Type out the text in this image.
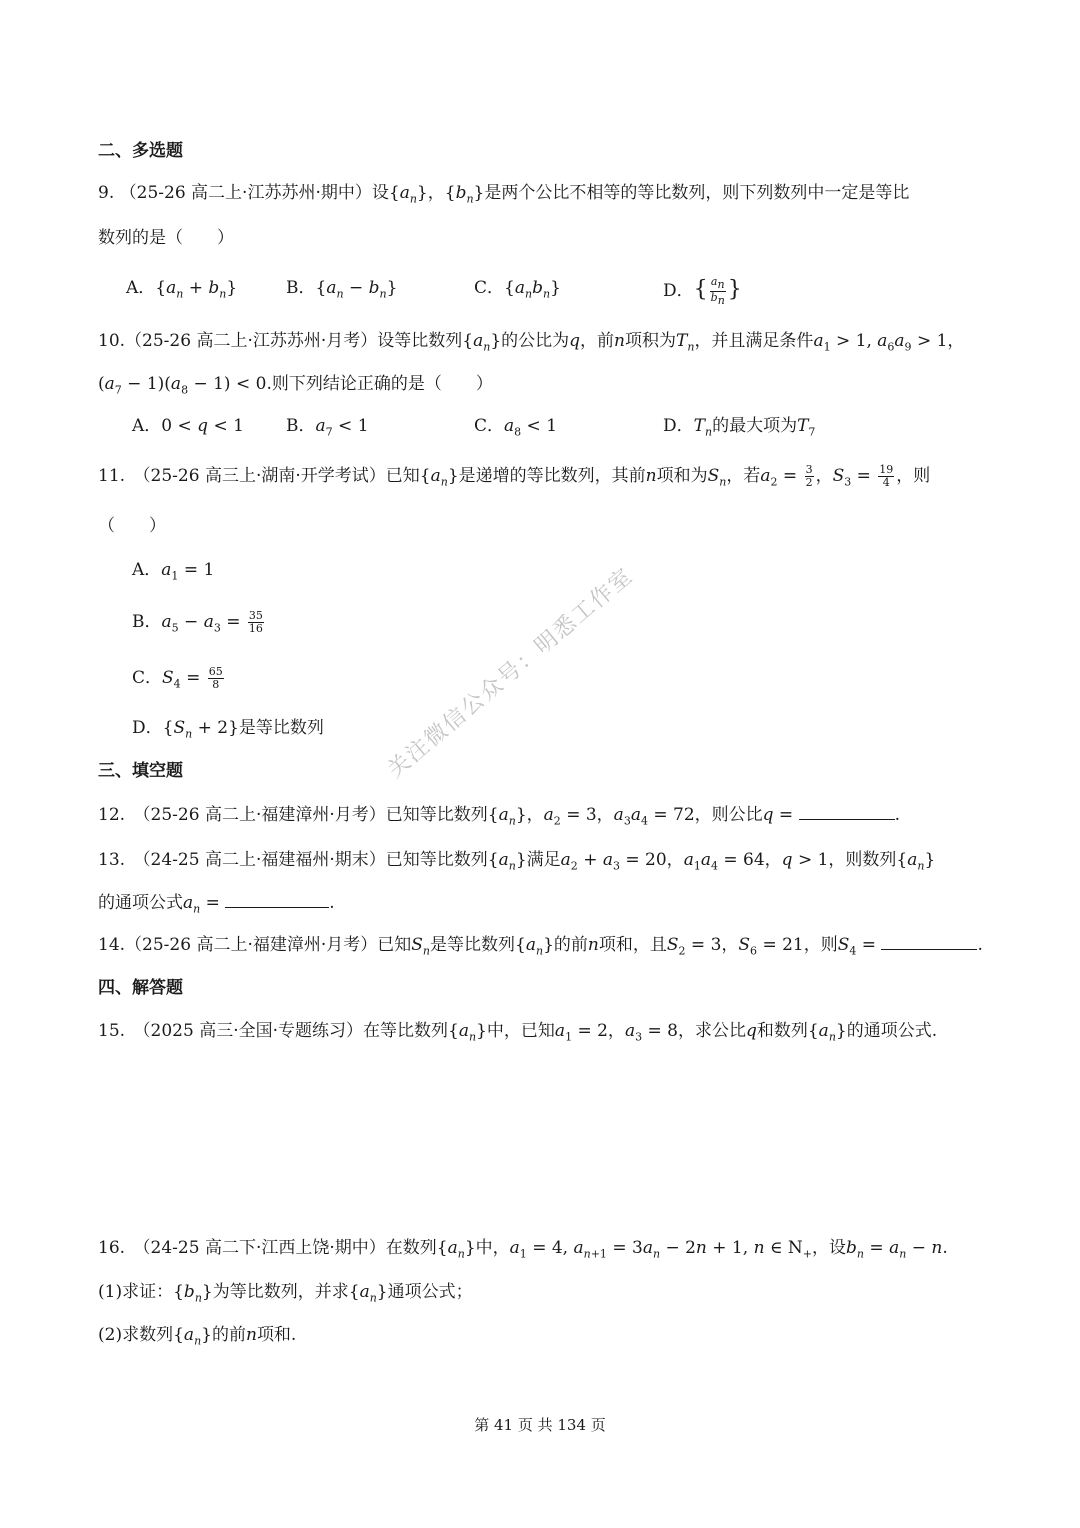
二、多选题
9. （25-26 高二上·江苏苏州·期中）设$\{a_n\}$，$\{b_n\}$是两个公比不相等的等比数列，则下列数列中一定是等比
数列的是（　　）
A．$\{a_n + b_n\}$	B．$\{a_n - b_n\}$	C．$\{a_nb_n\}$	D．{ $\frac{a_n}{b_n}$ }
10.（25-26 高二上·江苏苏州·月考）设等比数列$\{a_n\}$的公比为q，前n项积为$T_n$，并且满足条件$a_1 > 1$, $a_6a_9 > 1$，
$(a_7 - 1)(a_8 - 1) < 0$.则下列结论正确的是（　　）
A．0 < q < 1 B．$a_7 < 1$	C．$a_8 < 1$	D．$T_n$的最大项为$T_7$
11.　 （25-26 高三上·湖南·开学考试）已知$\{a_n\}$是递增的等比数列，其前n项和为$S_n$，若$a_2 = \frac{3}{2}$ ，$S_3 = \frac{19}{4}$ ，则
（　　）
A．$a_1 = 1$
B．$a_5 - a_3 = \frac{35}{16}$
C．$S_4 = \frac{65}{8}$
D．$\{S_n + 2\}$是等比数列
三、填空题
12.　 （25-26 高二上·福建漳州·月考）已知等比数列$\{a_n\}$，$a_2 = 3$，$a_3a_4 = 72$，则公比q =	.
13.　 （24-25 高二上·福建福州·期末）已知等比数列$\{a_n\}$满足$a_2 + a_3 = 20$，$a_1a_4 = 64$，q > 1，则数列$\{a_n\}$
的通项公式$a_n$ =	.
14.（25-26 高二上·福建漳州·月考）已知$S_n$是等比数列$\{a_n\}$的前n项和，且$S_2 = 3$，$S_6 = 21$，则$S_4$ =	.
四、解答题
15.　 （2025 高三·全国·专题练习）在等比数列$\{a_n\}$中，已知$a_1 = 2$，$a_3 = 8$，求公比q和数列$\{a_n\}$的通项公式.
16.　 （24-25 高二下·江西上饶·期中）在数列$\{a_n\}$中，$a_1 = 4$, $a_{n+1} = 3a_n - 2n + 1$, n ∈ $N_+$，设$b_n = a_n - n$.
(1)求证：$\{b_n\}$为等比数列，并求$\{a_n\}$通项公式；
(2)求数列$\{a_n\}$的前n项和.
关注微信公众号：明悉工作室
第 41 页 共 134 页
